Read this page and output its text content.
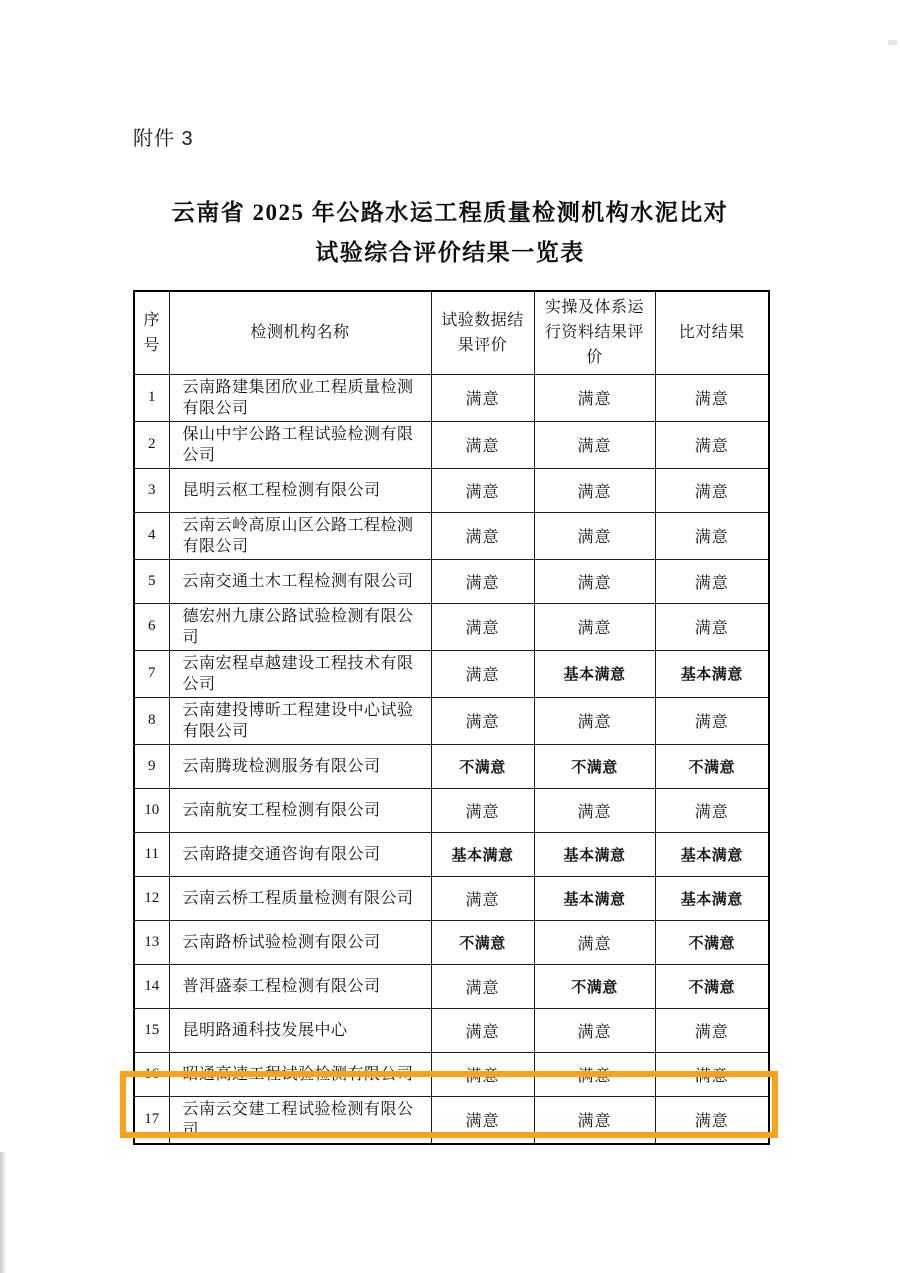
附件 3
云南省 2025 年公路水运工程质量检测机构水泥比对
试验综合评价结果一览表
序号	检测机构名称	试验数据结果评价	实操及体系运行资料结果评价	比对结果
1	云南路建集团欣业工程质量检测有限公司	满意	满意	满意
2	保山中宇公路工程试验检测有限公司	满意	满意	满意
3	昆明云枢工程检测有限公司	满意	满意	满意
4	云南云岭高原山区公路工程检测有限公司	满意	满意	满意
5	云南交通土木工程检测有限公司	满意	满意	满意
6	德宏州九康公路试验检测有限公司	满意	满意	满意
7	云南宏程卓越建设工程技术有限公司	满意	基本满意	基本满意
8	云南建投博昕工程建设中心试验有限公司	满意	满意	满意
9	云南腾珑检测服务有限公司	不满意	不满意	不满意
10	云南航安工程检测有限公司	满意	满意	满意
11	云南路捷交通咨询有限公司	基本满意	基本满意	基本满意
12	云南云桥工程质量检测有限公司	满意	基本满意	基本满意
13	云南路桥试验检测有限公司	不满意	满意	不满意
14	普洱盛泰工程检测有限公司	满意	不满意	不满意
15	昆明路通科技发展中心	满意	满意	满意
16	昭通高速工程试验检测有限公司	满意	满意	满意
17	云南云交建工程试验检测有限公司	满意	满意	满意
